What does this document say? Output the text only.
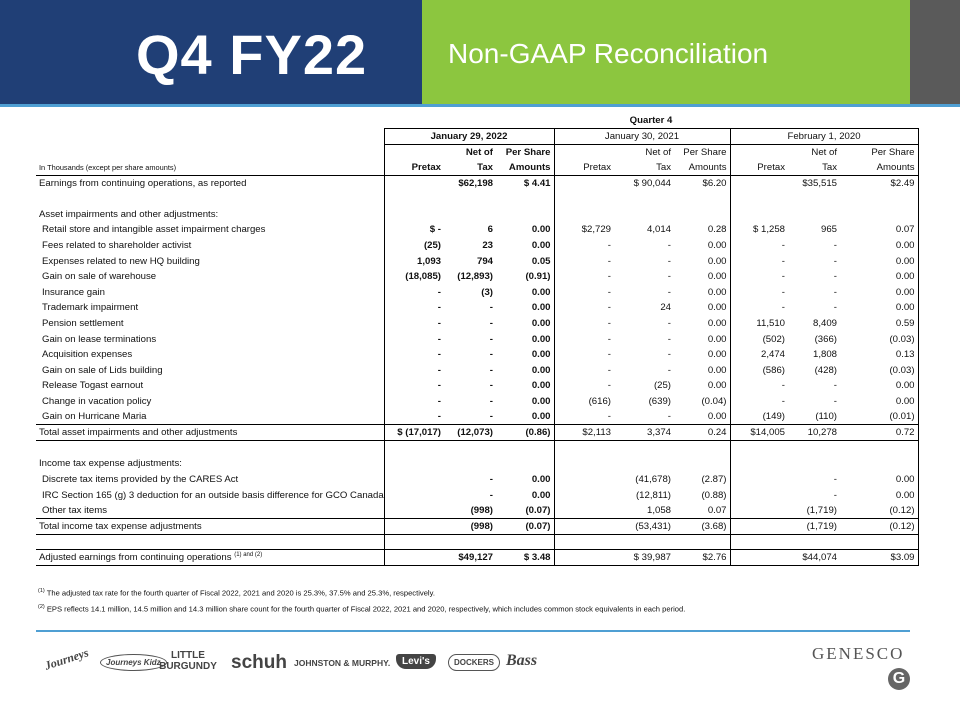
Q4 FY22	Non-GAAP Reconciliation
	Quarter 4								
	January 29, 2022			January 30, 2021			February 1, 2020		
		Net of	Per Share		Net of	Per Share		Net of	Per Share
In Thousands (except per share amounts)	Pretax	Tax	Amounts	Pretax	Tax	Amounts	Pretax	Tax	Amounts
Earnings from continuing operations, as reported		$62,198	$ 4.41		$ 90,044	$6.20		$35,515	$2.49

Asset impairments and other adjustments:									
Retail store and intangible asset impairment charges	$ -	6	0.00	$2,729	4,014	0.28	$ 1,258	965	0.07
Fees related to shareholder activist	(25)	23	0.00	-	-	0.00	-	-	0.00
Expenses related to new HQ building	1,093	794	0.05	-	-	0.00	-	-	0.00
Gain on sale of warehouse	(18,085)	(12,893)	(0.91)	-	-	0.00	-	-	0.00
Insurance gain	-	(3)	0.00	-	-	0.00	-	-	0.00
Trademark impairment	-	-	0.00	-	24	0.00	-	-	0.00
Pension settlement	-	-	0.00	-	-	0.00	11,510	8,409	0.59
Gain on lease terminations	-	-	0.00	-	-	0.00	(502)	(366)	(0.03)
Acquisition expenses	-	-	0.00	-	-	0.00	2,474	1,808	0.13
Gain on sale of Lids building	-	-	0.00	-	-	0.00	(586)	(428)	(0.03)
Release Togast earnout	-	-	0.00	-	(25)	0.00	-	-	0.00
Change in vacation policy	-	-	0.00	(616)	(639)	(0.04)	-	-	0.00
Gain on Hurricane Maria	-	-	0.00	-	-	0.00	(149)	(110)	(0.01)
Total asset impairments and other adjustments	$ (17,017)	(12,073)	(0.86)	$2,113	3,374	0.24	$14,005	10,278	0.72

Income tax expense adjustments:									
Discrete tax items provided by the CARES Act		-	0.00		(41,678)	(2.87)		-	0.00
IRC Section 165 (g) 3 deduction for an outside basis difference for GCO Canada		-	0.00		(12,811)	(0.88)		-	0.00
Other tax items		(998)	(0.07)		1,058	0.07		(1,719)	(0.12)
Total income tax expense adjustments		(998)	(0.07)		(53,431)	(3.68)		(1,719)	(0.12)

Adjusted earnings from continuing operations $^{(1) and (2)}$		$49,127	$ 3.48		$ 39,987	$2.76		$44,074	$3.09
$^{(1)}$ The adjusted tax rate for the fourth quarter of Fiscal 2022, 2021 and 2020 is 25.3%, 37.5% and 25.3%, respectively.
$^{(2)}$ EPS reflects 14.1 million, 14.5 million and 14.3 million share count for the fourth quarter of Fiscal 2022, 2021 and 2020, respectively, which includes common stock equivalents in each period.
Journeys	Journeys Kidz
LITTLE BURGUNDY schuh JOHNSTON & MURPHY.	Levi's	DOCKERS Bass	GENESCO
G
